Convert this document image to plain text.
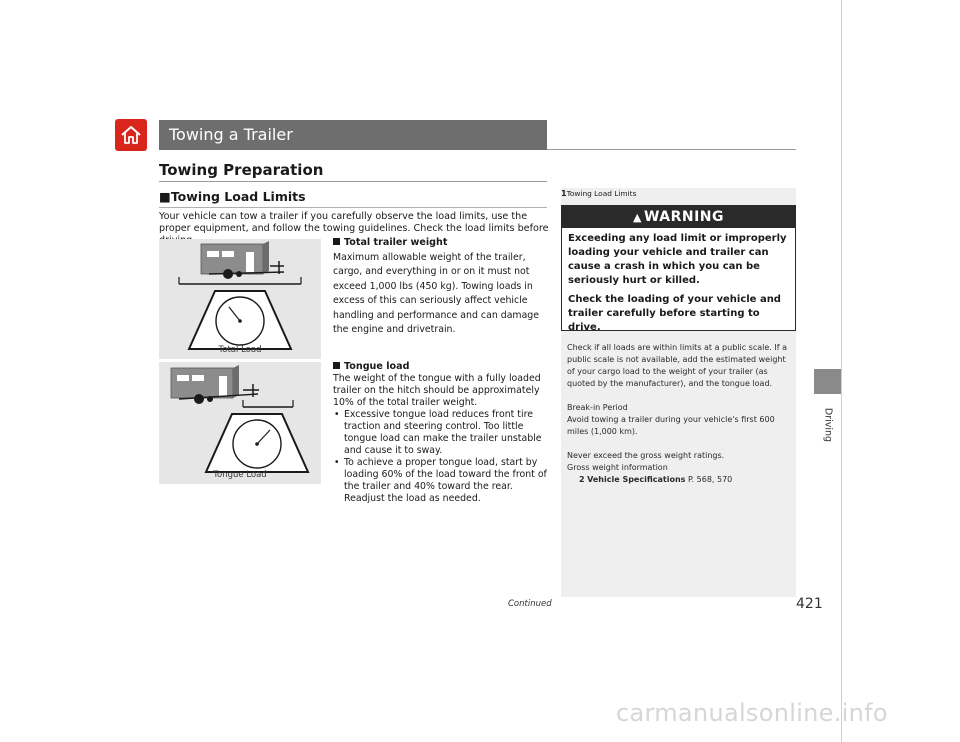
Towing a Trailer
Towing Preparation
■Towing Load Limits

Your vehicle can tow a trailer if you carefully observe the load limits, use the proper equipment, and follow the towing guidelines. Check the load limits before

Total Load
Tongue Load
Total trailer weight

Maximum allowable weight of the trailer, cargo, and everything in or on it must not exceed 1,000 lbs (450 kg). Towing loads in excess of this can seriously affect vehicle handling and performance and can damage the engine and drivetrain.

Tongue load

The weight of the tongue with a fully loaded trailer on the hitch should be approximately 10% of the total trailer weight.

• Excessive tongue load reduces front tire traction and steering control. Too little tongue load can make the trailer unstable and cause it to sway.
• To achieve a proper tongue load, start by loading 60% of the load toward the front of the trailer and 40% toward the rear. Readjust the load as needed.
1Towing Load Limits
▲ WARNING

Exceeding any load limit or improperly loading your vehicle and trailer can cause a crash in which you can be seriously hurt or killed.

Check the loading of your vehicle and trailer carefully before starting to drive.

Check if all loads are within limits at a public scale. If a public scale is not available, add the estimated weight of your cargo load to the weight of your trailer (as quoted by the manufacturer), and the tongue load.

Break-in Period
Avoid towing a trailer during your vehicle's first 600 miles (1,000 km).

Never exceed the gross weight ratings.
Gross weight information
2 Vehicle Specifications P. 568, 570

Continued	421
Driving
carmanualsonline.info
